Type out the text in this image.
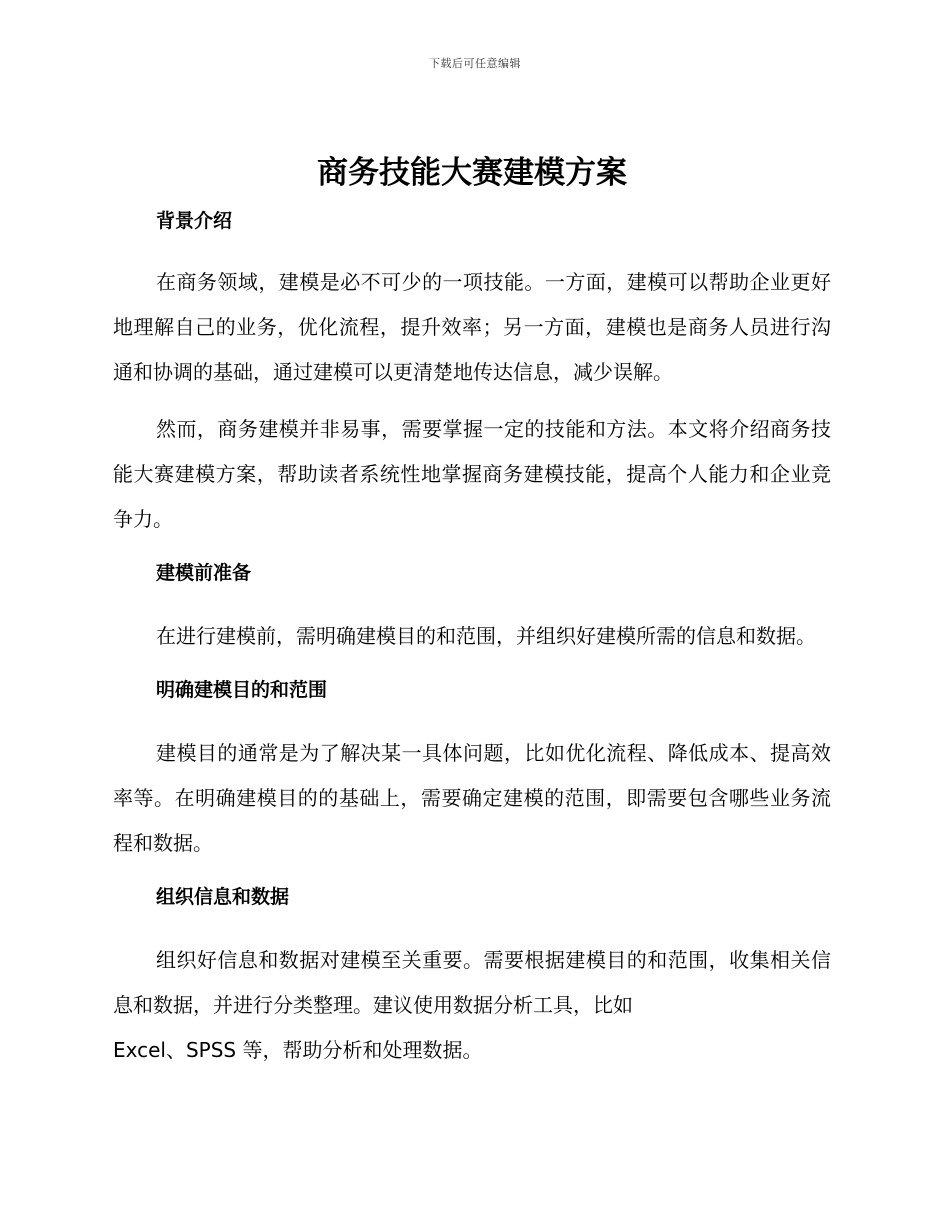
下载后可任意编辑
商务技能大赛建模方案
背景介绍

在商务领域，建模是必不可少的一项技能。一方面，建模可以帮助企业更好地理解自己的业务，优化流程，提升效率；另一方面，建模也是商务人员进行沟通和协调的基础，通过建模可以更清楚地传达信息，减少误解。

然而，商务建模并非易事，需要掌握一定的技能和方法。本文将介绍商务技能大赛建模方案，帮助读者系统性地掌握商务建模技能，提高个人能力和企业竞争力。

建模前准备

在进行建模前，需明确建模目的和范围，并组织好建模所需的信息和数据。

明确建模目的和范围

建模目的通常是为了解决某一具体问题，比如优化流程、降低成本、提高效率等。在明确建模目的的基础上，需要确定建模的范围，即需要包含哪些业务流程和数据。

组织信息和数据

组织好信息和数据对建模至关重要。需要根据建模目的和范围，收集相关信息和数据，并进行分类整理。建议使用数据分析工具，比如
Excel、SPSS 等，帮助分析和处理数据。
